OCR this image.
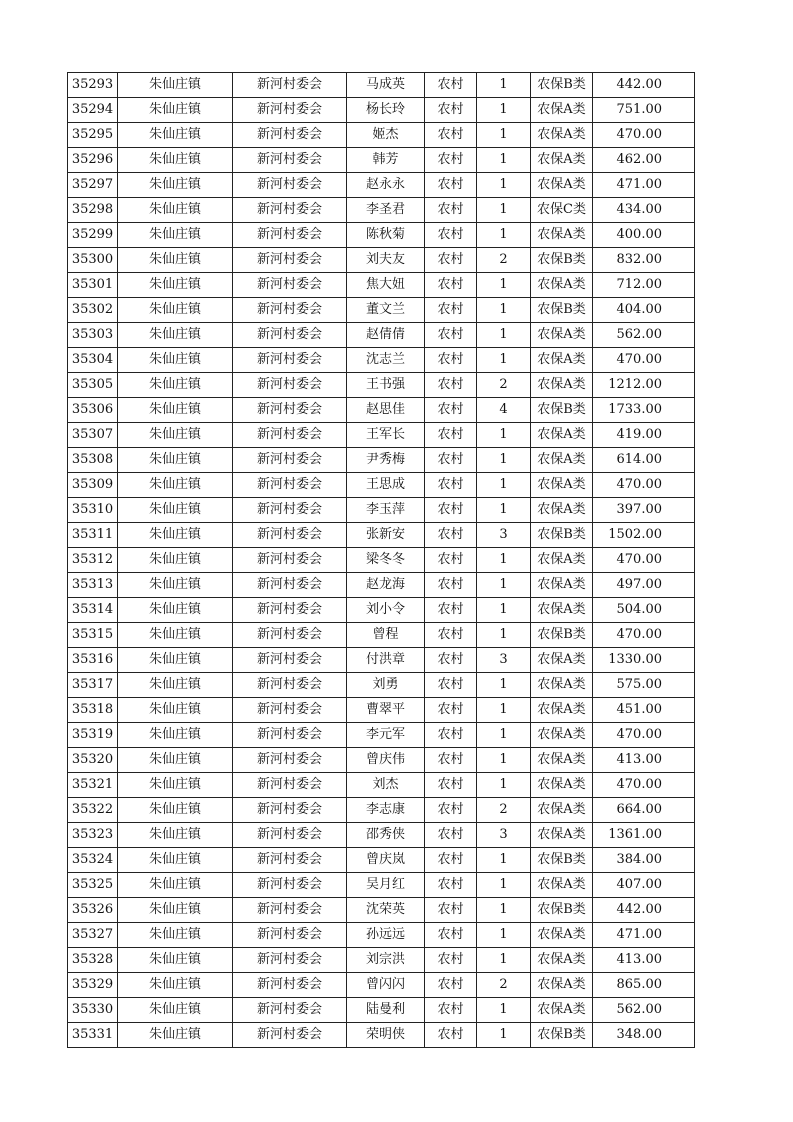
35293	朱仙庄镇	新河村委会	马成英	农村	1	农保B类	442.00
35294	朱仙庄镇	新河村委会	杨长玲	农村	1	农保A类	751.00
35295	朱仙庄镇	新河村委会	姬杰	农村	1	农保A类	470.00
35296	朱仙庄镇	新河村委会	韩芳	农村	1	农保A类	462.00
35297	朱仙庄镇	新河村委会	赵永永	农村	1	农保A类	471.00
35298	朱仙庄镇	新河村委会	李圣君	农村	1	农保C类	434.00
35299	朱仙庄镇	新河村委会	陈秋菊	农村	1	农保A类	400.00
35300	朱仙庄镇	新河村委会	刘夫友	农村	2	农保B类	832.00
35301	朱仙庄镇	新河村委会	焦大妞	农村	1	农保A类	712.00
35302	朱仙庄镇	新河村委会	董文兰	农村	1	农保B类	404.00
35303	朱仙庄镇	新河村委会	赵倩倩	农村	1	农保A类	562.00
35304	朱仙庄镇	新河村委会	沈志兰	农村	1	农保A类	470.00
35305	朱仙庄镇	新河村委会	王书强	农村	2	农保A类	1212.00
35306	朱仙庄镇	新河村委会	赵思佳	农村	4	农保B类	1733.00
35307	朱仙庄镇	新河村委会	王军长	农村	1	农保A类	419.00
35308	朱仙庄镇	新河村委会	尹秀梅	农村	1	农保A类	614.00
35309	朱仙庄镇	新河村委会	王思成	农村	1	农保A类	470.00
35310	朱仙庄镇	新河村委会	李玉萍	农村	1	农保A类	397.00
35311	朱仙庄镇	新河村委会	张新安	农村	3	农保B类	1502.00
35312	朱仙庄镇	新河村委会	梁冬冬	农村	1	农保A类	470.00
35313	朱仙庄镇	新河村委会	赵龙海	农村	1	农保A类	497.00
35314	朱仙庄镇	新河村委会	刘小令	农村	1	农保A类	504.00
35315	朱仙庄镇	新河村委会	曾程	农村	1	农保B类	470.00
35316	朱仙庄镇	新河村委会	付洪章	农村	3	农保A类	1330.00
35317	朱仙庄镇	新河村委会	刘勇	农村	1	农保A类	575.00
35318	朱仙庄镇	新河村委会	曹翠平	农村	1	农保A类	451.00
35319	朱仙庄镇	新河村委会	李元军	农村	1	农保A类	470.00
35320	朱仙庄镇	新河村委会	曾庆伟	农村	1	农保A类	413.00
35321	朱仙庄镇	新河村委会	刘杰	农村	1	农保A类	470.00
35322	朱仙庄镇	新河村委会	李志康	农村	2	农保A类	664.00
35323	朱仙庄镇	新河村委会	邵秀侠	农村	3	农保A类	1361.00
35324	朱仙庄镇	新河村委会	曾庆岚	农村	1	农保B类	384.00
35325	朱仙庄镇	新河村委会	吴月红	农村	1	农保A类	407.00
35326	朱仙庄镇	新河村委会	沈荣英	农村	1	农保B类	442.00
35327	朱仙庄镇	新河村委会	孙远远	农村	1	农保A类	471.00
35328	朱仙庄镇	新河村委会	刘宗洪	农村	1	农保A类	413.00
35329	朱仙庄镇	新河村委会	曾闪闪	农村	2	农保A类	865.00
35330	朱仙庄镇	新河村委会	陆曼利	农村	1	农保A类	562.00
35331	朱仙庄镇	新河村委会	荣明侠	农村	1	农保B类	348.00
